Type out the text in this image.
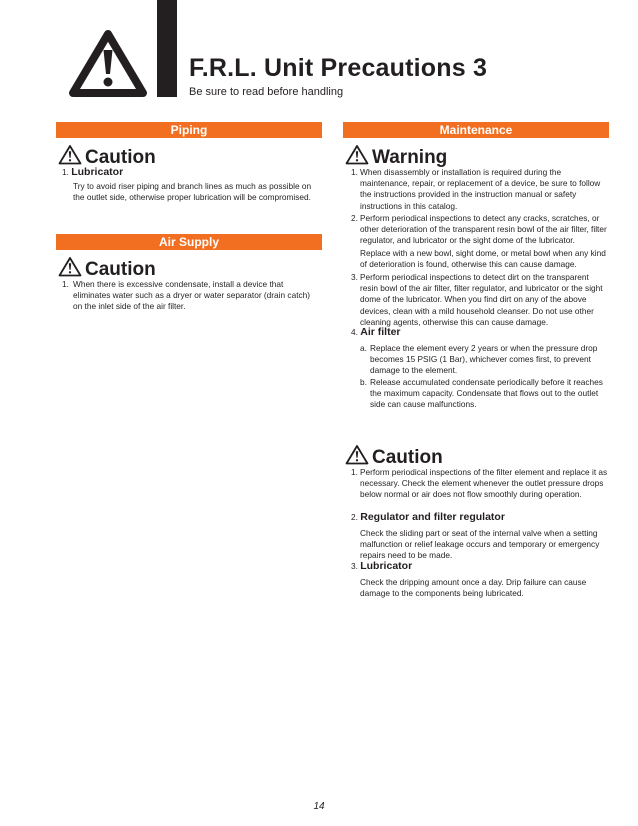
F.R.L. Unit Precautions 3
Be sure to read before handling
Piping
Caution
1. Lubricator
Try to avoid riser piping and branch lines as much as possible on the outlet side, otherwise proper lubrication will be compromised.
Air Supply
Caution
1. When there is excessive condensate, install a device that eliminates water such as a dryer or water separator (drain catch) on the inlet side of the air filter.
Maintenance
Warning
1. When disassembly or installation is required during the maintenance, repair, or replacement of a device, be sure to follow the instructions provided in the instruction manual or safety instructions in this catalog.
2. Perform periodical inspections to detect any cracks, scratches, or other deterioration of the transparent resin bowl of the air filter, filter regulator, and lubricator or the sight dome of the lubricator.
Replace with a new bowl, sight dome, or metal bowl when any kind of deterioration is found, otherwise this can cause damage.
3. Perform periodical inspections to detect dirt on the transparent resin bowl of the air filter, filter regulator, and lubricator or the sight dome of the lubricator. When you find dirt on any of the above devices, clean with a mild household cleanser. Do not use other cleaning agents, otherwise this can cause damage.
4. Air filter
a. Replace the element every 2 years or when the pressure drop becomes 15 PSIG (1 Bar), whichever comes first, to prevent damage to the element.
b. Release accumulated condensate periodically before it reaches the maximum capacity. Condensate that flows out to the outlet side can cause malfunctions.
Caution
1. Perform periodical inspections of the filter element and replace it as necessary. Check the element whenever the outlet pressure drops below normal or air does not flow smoothly during operation.
2. Regulator and filter regulator
Check the sliding part or seat of the internal valve when a setting malfunction or relief leakage occurs and temporary or emergency repairs need to be made.
3. Lubricator
Check the dripping amount once a day. Drip failure can cause damage to the components being lubricated.
14
